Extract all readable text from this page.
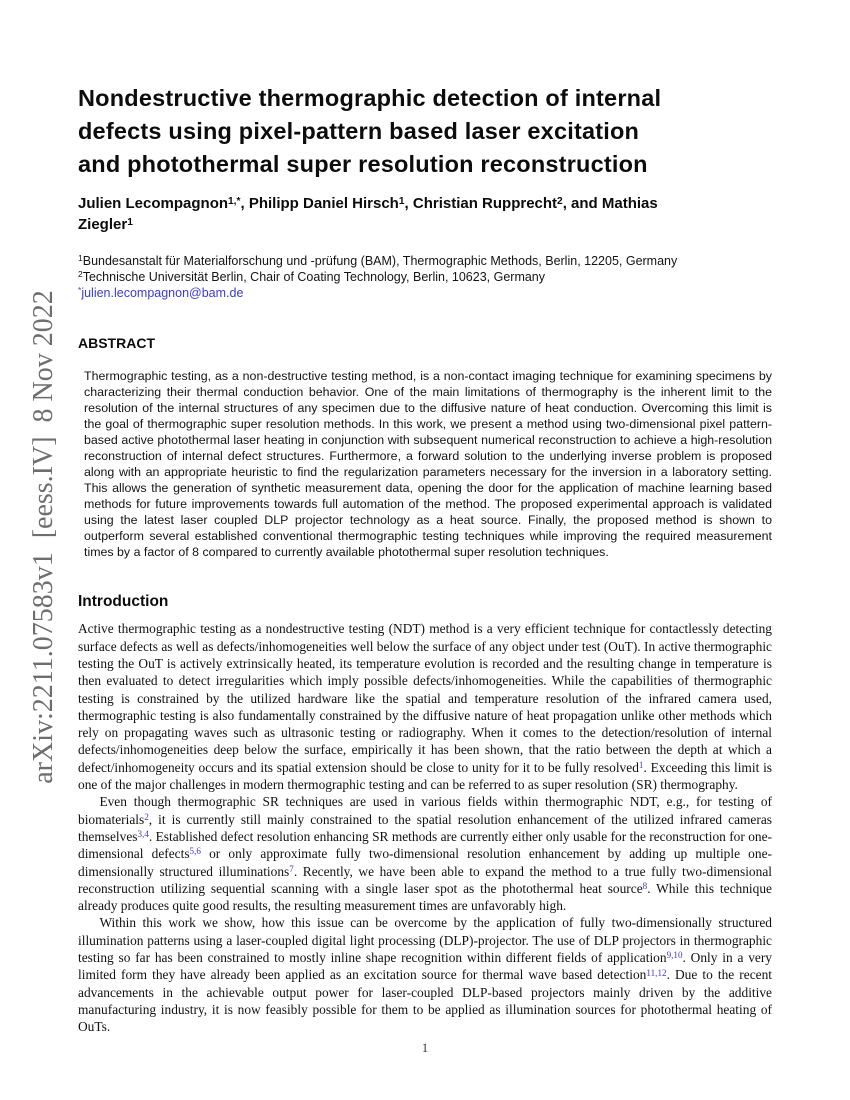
arXiv:2211.07583v1  [eess.IV]  8 Nov 2022
Nondestructive thermographic detection of internal
defects using pixel-pattern based laser excitation
and photothermal super resolution reconstruction
Julien Lecompagnon$^{1,*}$, Philipp Daniel Hirsch$^1$, Christian Rupprecht$^2$, and Mathias
Ziegler$^1$
$^1$Bundesanstalt für Materialforschung und -prüfung (BAM), Thermographic Methods, Berlin, 12205, Germany
$^2$Technische Universität Berlin, Chair of Coating Technology, Berlin, 10623, Germany
*julien.lecompagnon@bam.de
ABSTRACT
Thermographic testing, as a non-destructive testing method, is a non-contact imaging technique for examining specimens by characterizing their thermal conduction behavior. One of the main limitations of thermography is the inherent limit to the resolution of the internal structures of any specimen due to the diffusive nature of heat conduction. Overcoming this limit is the goal of thermographic super resolution methods. In this work, we present a method using two-dimensional pixel pattern-based active photothermal laser heating in conjunction with subsequent numerical reconstruction to achieve a high-resolution reconstruction of internal defect structures. Furthermore, a forward solution to the underlying inverse problem is proposed along with an appropriate heuristic to find the regularization parameters necessary for the inversion in a laboratory setting. This allows the generation of synthetic measurement data, opening the door for the application of machine learning based methods for future improvements towards full automation of the method. The proposed experimental approach is validated using the latest laser coupled DLP projector technology as a heat source. Finally, the proposed method is shown to outperform several established conventional thermographic testing techniques while improving the required measurement times by a factor of 8 compared to currently available photothermal super resolution techniques.
Introduction

Active thermographic testing as a nondestructive testing (NDT) method is a very efficient technique for contactlessly detecting surface defects as well as defects/inhomogeneities well below the surface of any object under test (OuT). In active thermographic testing the OuT is actively extrinsically heated, its temperature evolution is recorded and the resulting change in temperature is then evaluated to detect irregularities which imply possible defects/inhomogeneities. While the capabilities of thermographic testing is constrained by the utilized hardware like the spatial and temperature resolution of the infrared camera used, thermographic testing is also fundamentally constrained by the diffusive nature of heat propagation unlike other methods which rely on propagating waves such as ultrasonic testing or radiography. When it comes to the detection/resolution of internal defects/inhomogeneities deep below the surface, empirically it has been shown, that the ratio between the depth at which a defect/inhomogeneity occurs and its spatial extension should be close to unity for it to be fully resolved$^1$. Exceeding this limit is one of the major challenges in modern thermographic testing and can be referred to as super resolution (SR) thermography.

Even though thermographic SR techniques are used in various fields within thermographic NDT, e.g., for testing of biomaterials$^2$, it is currently still mainly constrained to the spatial resolution enhancement of the utilized infrared cameras themselves$^{3,4}$. Established defect resolution enhancing SR methods are currently either only usable for the reconstruction for one-dimensional defects$^{5,6}$ or only approximate fully two-dimensional resolution enhancement by adding up multiple one-dimensionally structured illuminations$^7$. Recently, we have been able to expand the method to a true fully two-dimensional reconstruction utilizing sequential scanning with a single laser spot as the photothermal heat source$^8$. While this technique already produces quite good results, the resulting measurement times are unfavorably high.

Within this work we show, how this issue can be overcome by the application of fully two-dimensionally structured illumination patterns using a laser-coupled digital light processing (DLP)-projector. The use of DLP projectors in thermographic testing so far has been constrained to mostly inline shape recognition within different fields of application$^{9,10}$. Only in a very limited form they have already been applied as an excitation source for thermal wave based detection$^{11,12}$. Due to the recent advancements in the achievable output power for laser-coupled DLP-based projectors mainly driven by the additive manufacturing industry, it is now feasibly possible for them to be applied as illumination sources for photothermal heating of OuTs.

1
